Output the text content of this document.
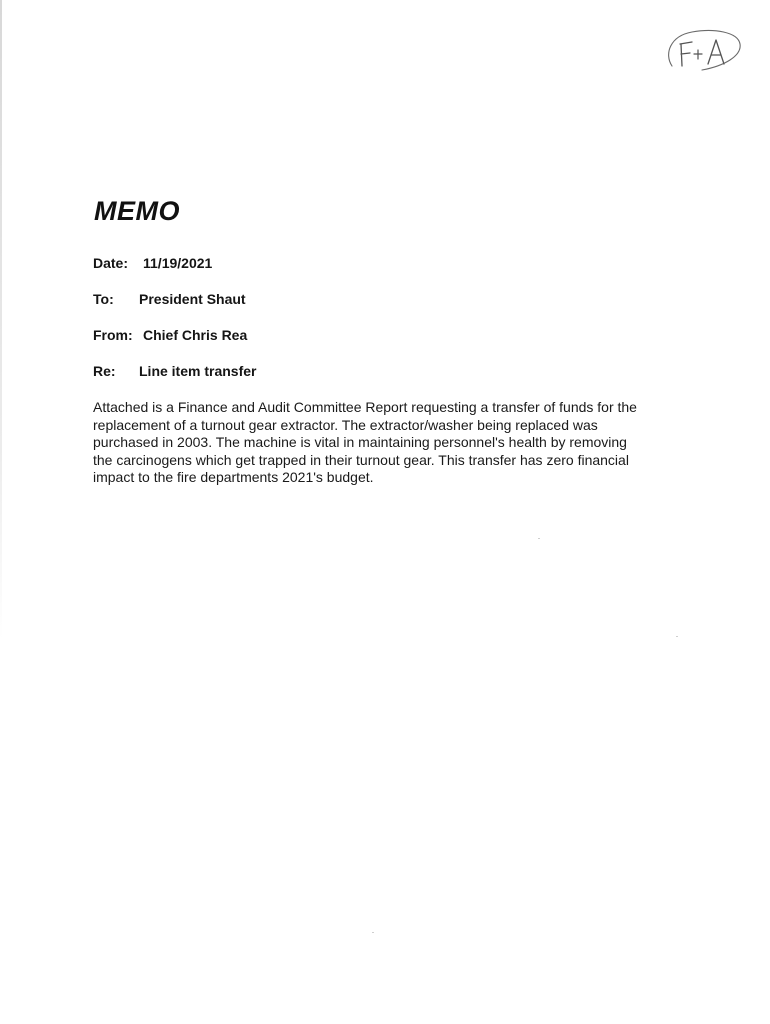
F+A
MEMO
Date: 11/19/2021
To: President Shaut
From: Chief Chris Rea
Re: Line item transfer

Attached is a Finance and Audit Committee Report requesting a transfer of funds for the
replacement of a turnout gear extractor. The extractor/washer being replaced was
purchased in 2003. The machine is vital in maintaining personnel's health by removing
the carcinogens which get trapped in their turnout gear. This transfer has zero financial
impact to the fire departments 2021's budget.
